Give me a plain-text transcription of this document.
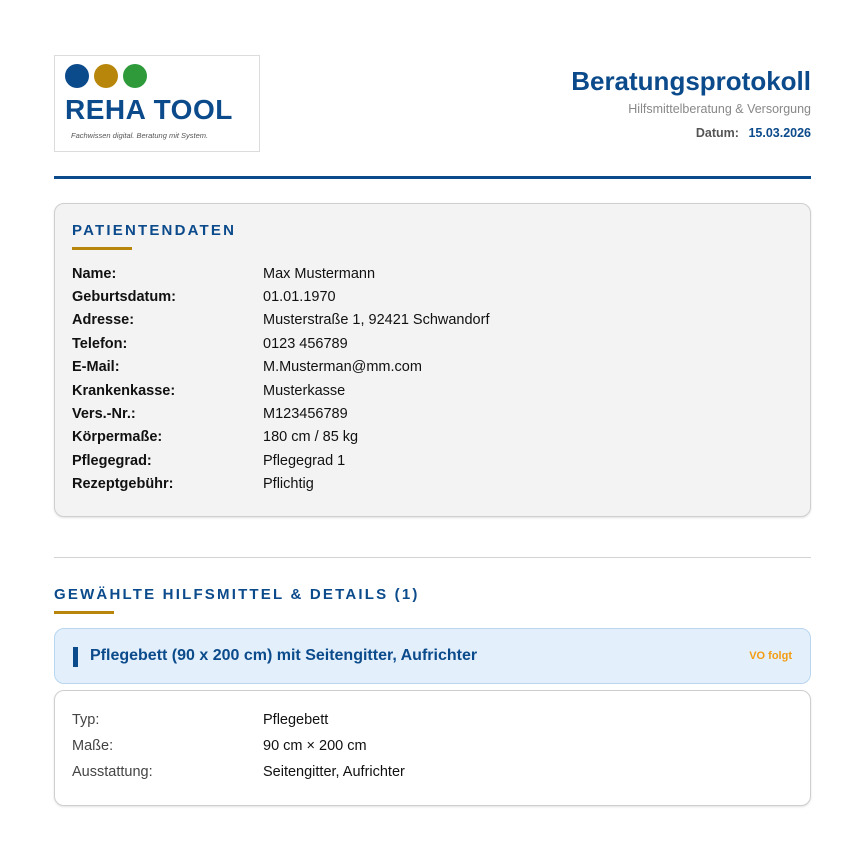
REHA TOOL
Fachwissen digital. Beratung mit System.
Beratungsprotokoll
Hilfsmittelberatung & Versorgung
Datum: 15.03.2026
PATIENTENDATEN
Name:	Max Mustermann
Geburtsdatum:	01.01.1970
Adresse:	Musterstraße 1, 92421 Schwandorf
Telefon:	0123 456789
E-Mail:	M.Musterman@mm.com
Krankenkasse:	Musterkasse
Vers.-Nr.:	M123456789
Körpermaße:	180 cm / 85 kg
Pflegegrad:	Pflegegrad 1
Rezeptgebühr:	Pflichtig
GEWÄHLTE HILFSMITTEL & DETAILS (1)
Pflegebett (90 x 200 cm) mit Seitengitter, Aufrichter	VO folgt
Typ:	Pflegebett
Maße:	90 cm × 200 cm
Ausstattung:	Seitengitter, Aufrichter
